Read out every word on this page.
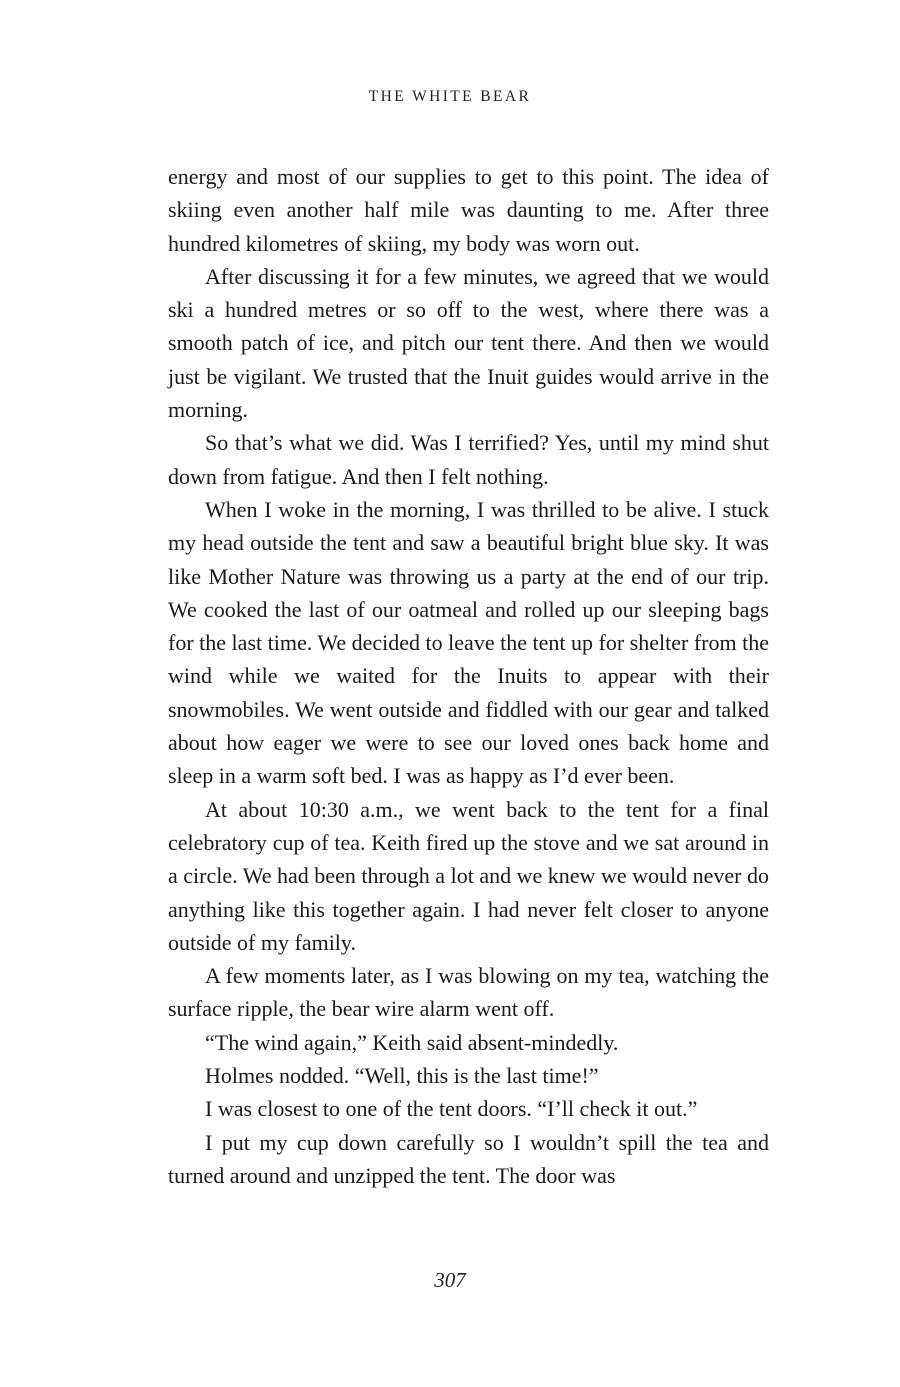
THE WHITE BEAR

energy and most of our supplies to get to this point. The idea of skiing even another half mile was daunting to me. After three hundred kilometres of skiing, my body was worn out.

After discussing it for a few minutes, we agreed that we would ski a hundred metres or so off to the west, where there was a smooth patch of ice, and pitch our tent there. And then we would just be vigilant. We trusted that the Inuit guides would arrive in the morning.

So that’s what we did. Was I terrified? Yes, until my mind shut down from fatigue. And then I felt nothing.

When I woke in the morning, I was thrilled to be alive. I stuck my head outside the tent and saw a beautiful bright blue sky. It was like Mother Nature was throwing us a party at the end of our trip. We cooked the last of our oatmeal and rolled up our sleeping bags for the last time. We decided to leave the tent up for shelter from the wind while we waited for the Inuits to appear with their snowmobiles. We went outside and fiddled with our gear and talked about how eager we were to see our loved ones back home and sleep in a warm soft bed. I was as happy as I’d ever been.

At about 10:30 a.m., we went back to the tent for a final celebratory cup of tea. Keith fired up the stove and we sat around in a circle. We had been through a lot and we knew we would never do anything like this together again. I had never felt closer to anyone outside of my family.

A few moments later, as I was blowing on my tea, watching the surface ripple, the bear wire alarm went off.

“The wind again,” Keith said absent-mindedly.

Holmes nodded. “Well, this is the last time!”

I was closest to one of the tent doors. “I’ll check it out.”

I put my cup down carefully so I wouldn’t spill the tea and turned around and unzipped the tent. The door was

307
